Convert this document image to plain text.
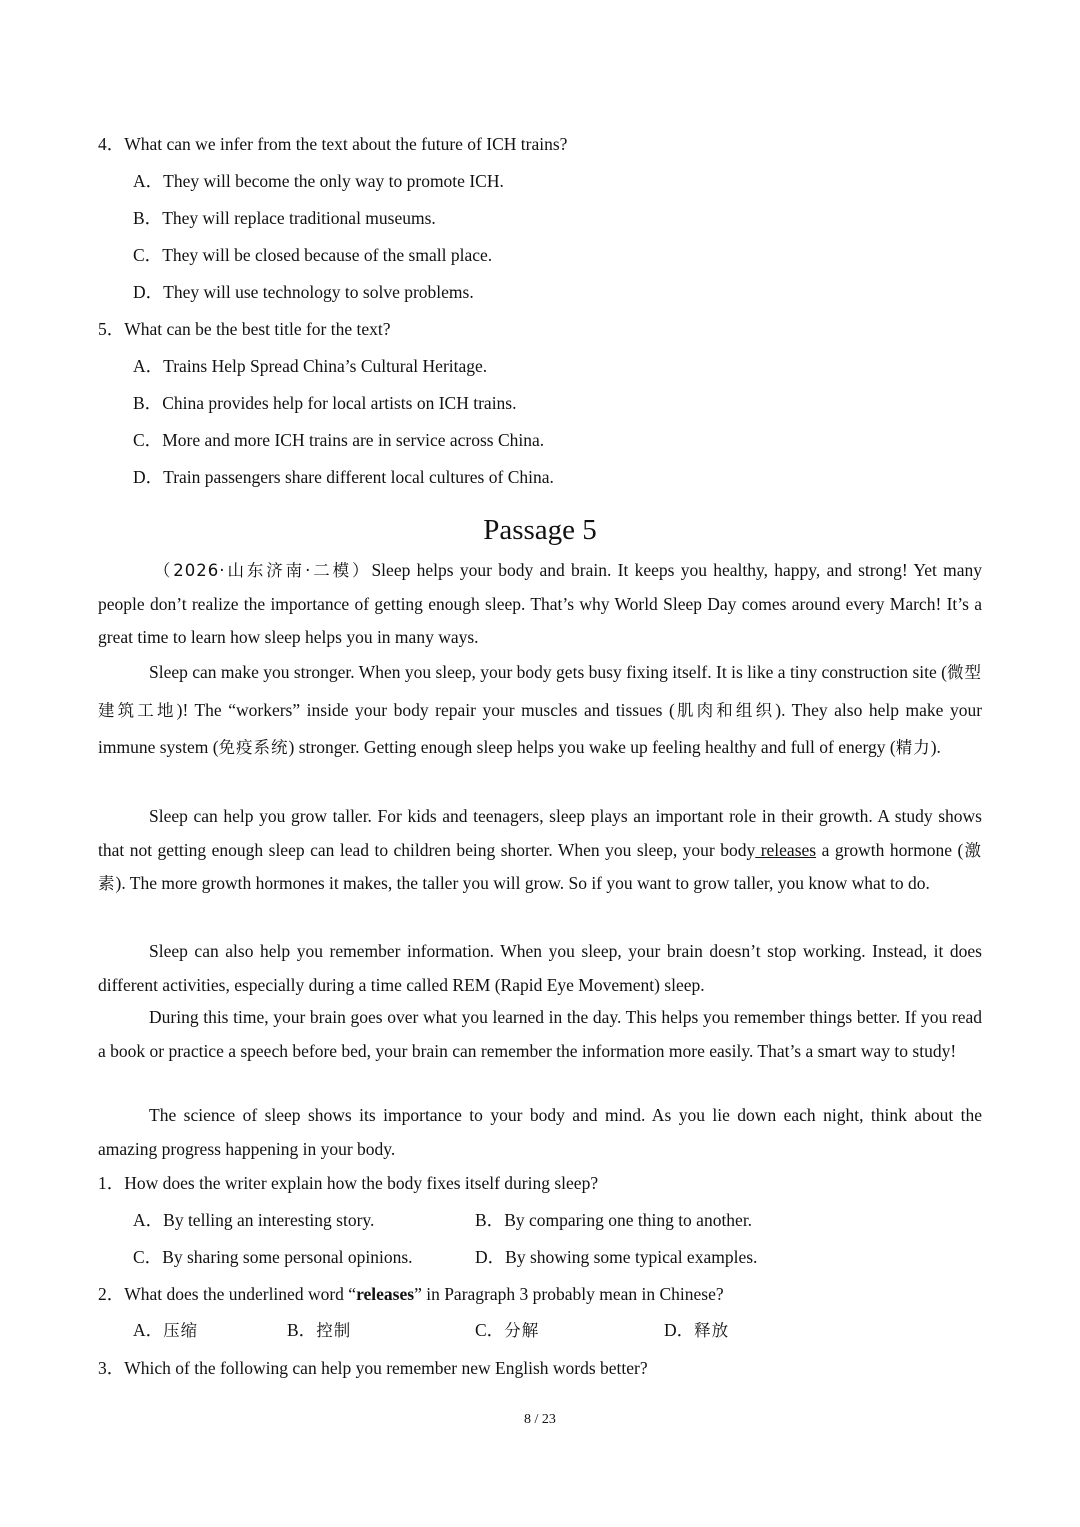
4．What can we infer from the text about the future of ICH trains?
A．They will become the only way to promote ICH.
B．They will replace traditional museums.
C．They will be closed because of the small place.
D．They will use technology to solve problems.
5．What can be the best title for the text?
A．Trains Help Spread China’s Cultural Heritage.
B．China provides help for local artists on ICH trains.
C．More and more ICH trains are in service across China.
D．Train passengers share different local cultures of China.
Passage 5

（2026·山东济南·二模）Sleep helps your body and brain. It keeps you healthy, happy, and strong! Yet many people don’t realize the importance of getting enough sleep. That’s why World Sleep Day comes around every March! It’s a great time to learn how sleep helps you in many ways.

Sleep can make you stronger. When you sleep, your body gets busy fixing itself. It is like a tiny construction site (微型建筑工地)! The “workers” inside your body repair your muscles and tissues (肌肉和组织). They also help make your immune system (免疫系统) stronger. Getting enough sleep helps you wake up feeling healthy and full of energy (精力).

Sleep can help you grow taller. For kids and teenagers, sleep plays an important role in their growth. A study shows that not getting enough sleep can lead to children being shorter. When you sleep, your body releases a growth hormone (激素). The more growth hormones it makes, the taller you will grow. So if you want to grow taller, you know what to do.

Sleep can also help you remember information. When you sleep, your brain doesn’t stop working. Instead, it does different activities, especially during a time called REM (Rapid Eye Movement) sleep.

During this time, your brain goes over what you learned in the day. This helps you remember things better. If you read a book or practice a speech before bed, your brain can remember the information more easily. That’s a smart way to study!

The science of sleep shows its importance to your body and mind. As you lie down each night, think about the amazing progress happening in your body.

1．How does the writer explain how the body fixes itself during sleep?
A．By telling an interesting story.	B．By comparing one thing to another.
C．By sharing some personal opinions.	D．By showing some typical examples.
2．What does the underlined word “releases” in Paragraph 3 probably mean in Chinese?
A．压缩	B．控制	C．分解	D．释放
3．Which of the following can help you remember new English words better?
8 / 23
